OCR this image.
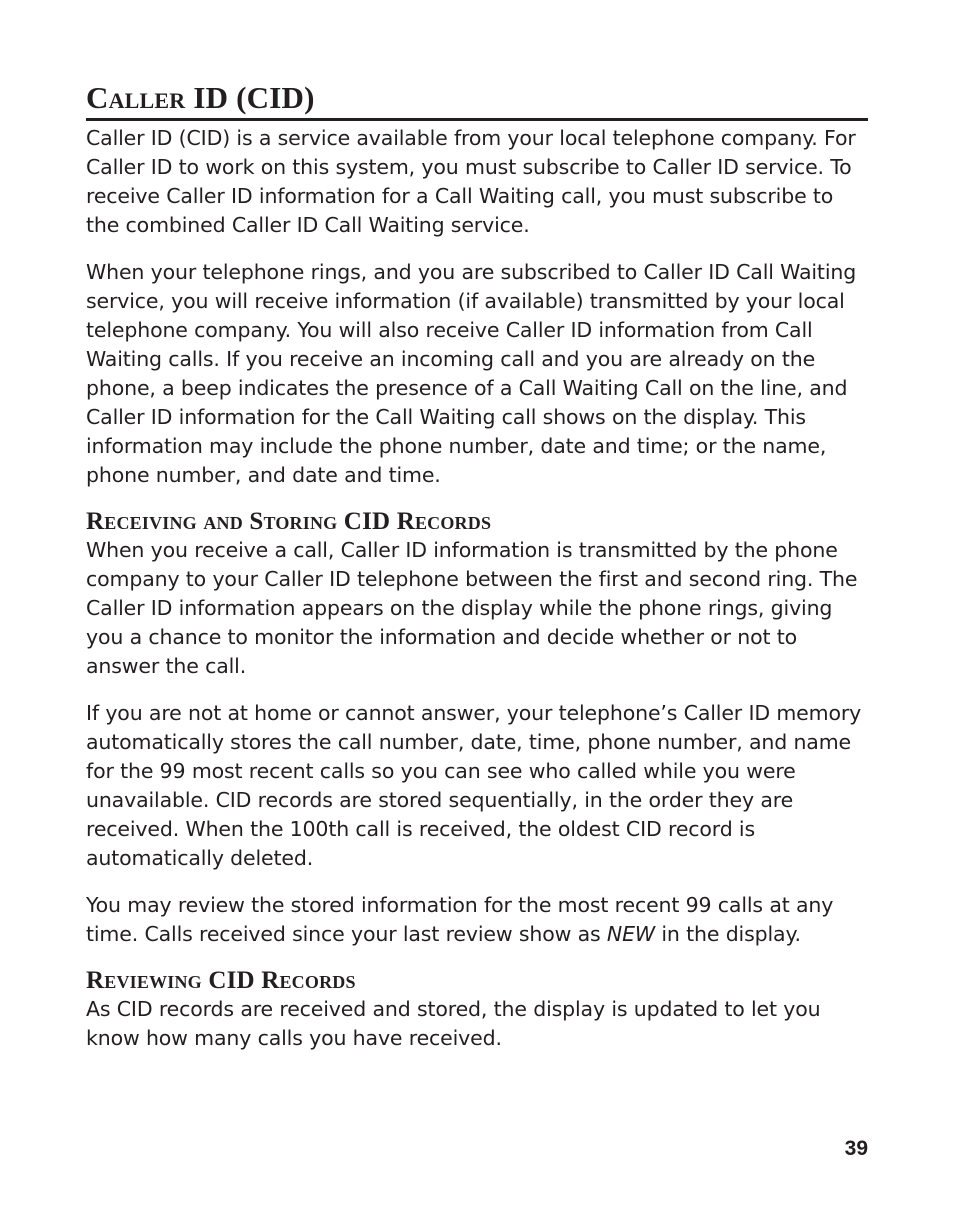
Caller ID (CID)

Caller ID (CID) is a service available from your local telephone company. For Caller ID to work on this system, you must subscribe to Caller ID service. To receive Caller ID information for a Call Waiting call, you must subscribe to the combined Caller ID Call Waiting service.

When your telephone rings, and you are subscribed to Caller ID Call Waiting service, you will receive information (if available) transmitted by your local telephone company. You will also receive Caller ID information from Call Waiting calls. If you receive an incoming call and you are already on the phone, a beep indicates the presence of a Call Waiting Call on the line, and Caller ID information for the Call Waiting call shows on the display. This information may include the phone number, date and time; or the name, phone number, and date and time.

Receiving and Storing CID Records

When you receive a call, Caller ID information is transmitted by the phone company to your Caller ID telephone between the first and second ring. The Caller ID information appears on the display while the phone rings, giving you a chance to monitor the information and decide whether or not to answer the call.

If you are not at home or cannot answer, your telephone’s Caller ID memory automatically stores the call number, date, time, phone number, and name for the 99 most recent calls so you can see who called while you were unavailable. CID records are stored sequentially, in the order they are received. When the 100th call is received, the oldest CID record is automatically deleted.

You may review the stored information for the most recent 99 calls at any time. Calls received since your last review show as NEW in the display.

Reviewing CID Records

As CID records are received and stored, the display is updated to let you know how many calls you have received.

39
